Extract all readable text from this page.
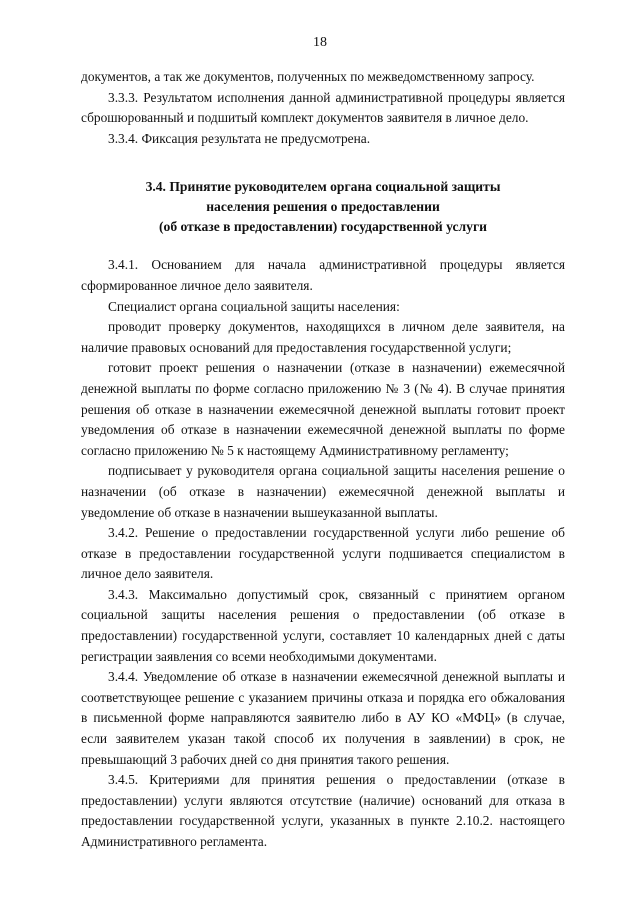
18

документов, а так же документов, полученных по межведомственному запросу.

3.3.3. Результатом исполнения данной административной процедуры является сброшюрованный и подшитый комплект документов заявителя в личное дело.

3.3.4. Фиксация результата не предусмотрена.

3.4. Принятие руководителем органа социальной защиты
населения решения о предоставлении
(об отказе в предоставлении) государственной услуги

3.4.1. Основанием для начала административной процедуры является сформированное личное дело заявителя.

Специалист органа социальной защиты населения:

проводит проверку документов, находящихся в личном деле заявителя, на наличие правовых оснований для предоставления государственной услуги;

готовит проект решения о назначении (отказе в назначении) ежемесячной денежной выплаты по форме согласно приложению № 3 (№ 4). В случае принятия решения об отказе в назначении ежемесячной денежной выплаты готовит проект уведомления об отказе в назначении ежемесячной денежной выплаты по форме согласно приложению № 5 к настоящему Административному регламенту;

подписывает у руководителя органа социальной защиты населения решение о назначении (об отказе в назначении) ежемесячной денежной выплаты и уведомление об отказе в назначении вышеуказанной выплаты.

3.4.2. Решение о предоставлении государственной услуги либо решение об отказе в предоставлении государственной услуги подшивается специалистом в личное дело заявителя.

3.4.3. Максимально допустимый срок, связанный с принятием органом социальной защиты населения решения о предоставлении (об отказе в предоставлении) государственной услуги, составляет 10 календарных дней с даты регистрации заявления со всеми необходимыми документами.

3.4.4. Уведомление об отказе в назначении ежемесячной денежной выплаты и соответствующее решение с указанием причины отказа и порядка его обжалования в письменной форме направляются заявителю либо в АУ КО «МФЦ» (в случае, если заявителем указан такой способ их получения в заявлении) в срок, не превышающий 3 рабочих дней со дня принятия такого решения.

3.4.5. Критериями для принятия решения о предоставлении (отказе в предоставлении) услуги являются отсутствие (наличие) оснований для отказа в предоставлении государственной услуги, указанных в пункте 2.10.2. настоящего Административного регламента.
